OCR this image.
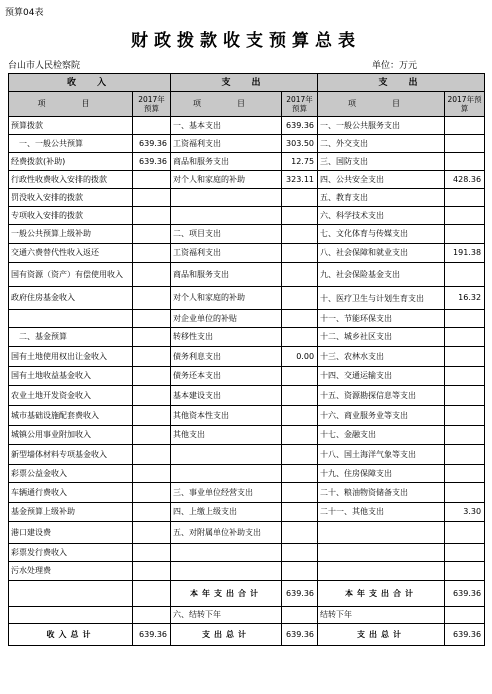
预算04表
财政拨款收支预算总表
台山市人民检察院	单位：万元
收　入		支　出		支　出	
项　目	2017年预算	项　目	2017年预算	项　目	2017年预算
预算拨款		一、基本支出	639.36	一、一般公共服务支出	
　一、一般公共预算	639.36	工资福利支出	303.50	二、外交支出	
经费拨款(补助)	639.36	商品和服务支出	12.75	三、国防支出	
行政性收费收入安排的拨款		对个人和家庭的补助	323.11	四、公共安全支出	428.36
罚没收入安排的拨款				五、教育支出	
专项收入安排的拨款				六、科学技术支出	
一般公共预算上级补助		二、项目支出		七、文化体育与传媒支出	
交通六费替代性收入返还		工资福利支出		八、社会保障和就业支出	191.38
国有资源（资产）有偿使用收入		商品和服务支出		九、社会保险基金支出	
政府住房基金收入		对个人和家庭的补助		十、医疗卫生与计划生育支出	16.32
		对企业单位的补贴		十一、节能环保支出	
　二、基金预算		转移性支出		十二、城乡社区支出	
国有土地使用权出让金收入		债务利息支出	0.00	十三、农林水支出	
国有土地收益基金收入		债务还本支出		十四、交通运输支出	
农业土地开发资金收入		基本建设支出		十五、资源勘探信息等支出	
城市基础设施配套费收入		其他资本性支出		十六、商业服务业等支出	
城镇公用事业附加收入		其他支出		十七、金融支出	
新型墙体材料专项基金收入				十八、国土海洋气象等支出	
彩票公益金收入				十九、住房保障支出	
车辆通行费收入		三、事业单位经营支出		二十、粮油物资储备支出	
基金预算上级补助		四、上缴上级支出		二十一、其他支出	3.30
港口建设费		五、对附属单位补助支出			
彩票发行费收入					
污水处理费					
		本年支出合计	639.36	本年支出合计	639.36
		六、结转下年		结转下年	
收入总计	639.36	支出总计	639.36	支出总计	639.36
